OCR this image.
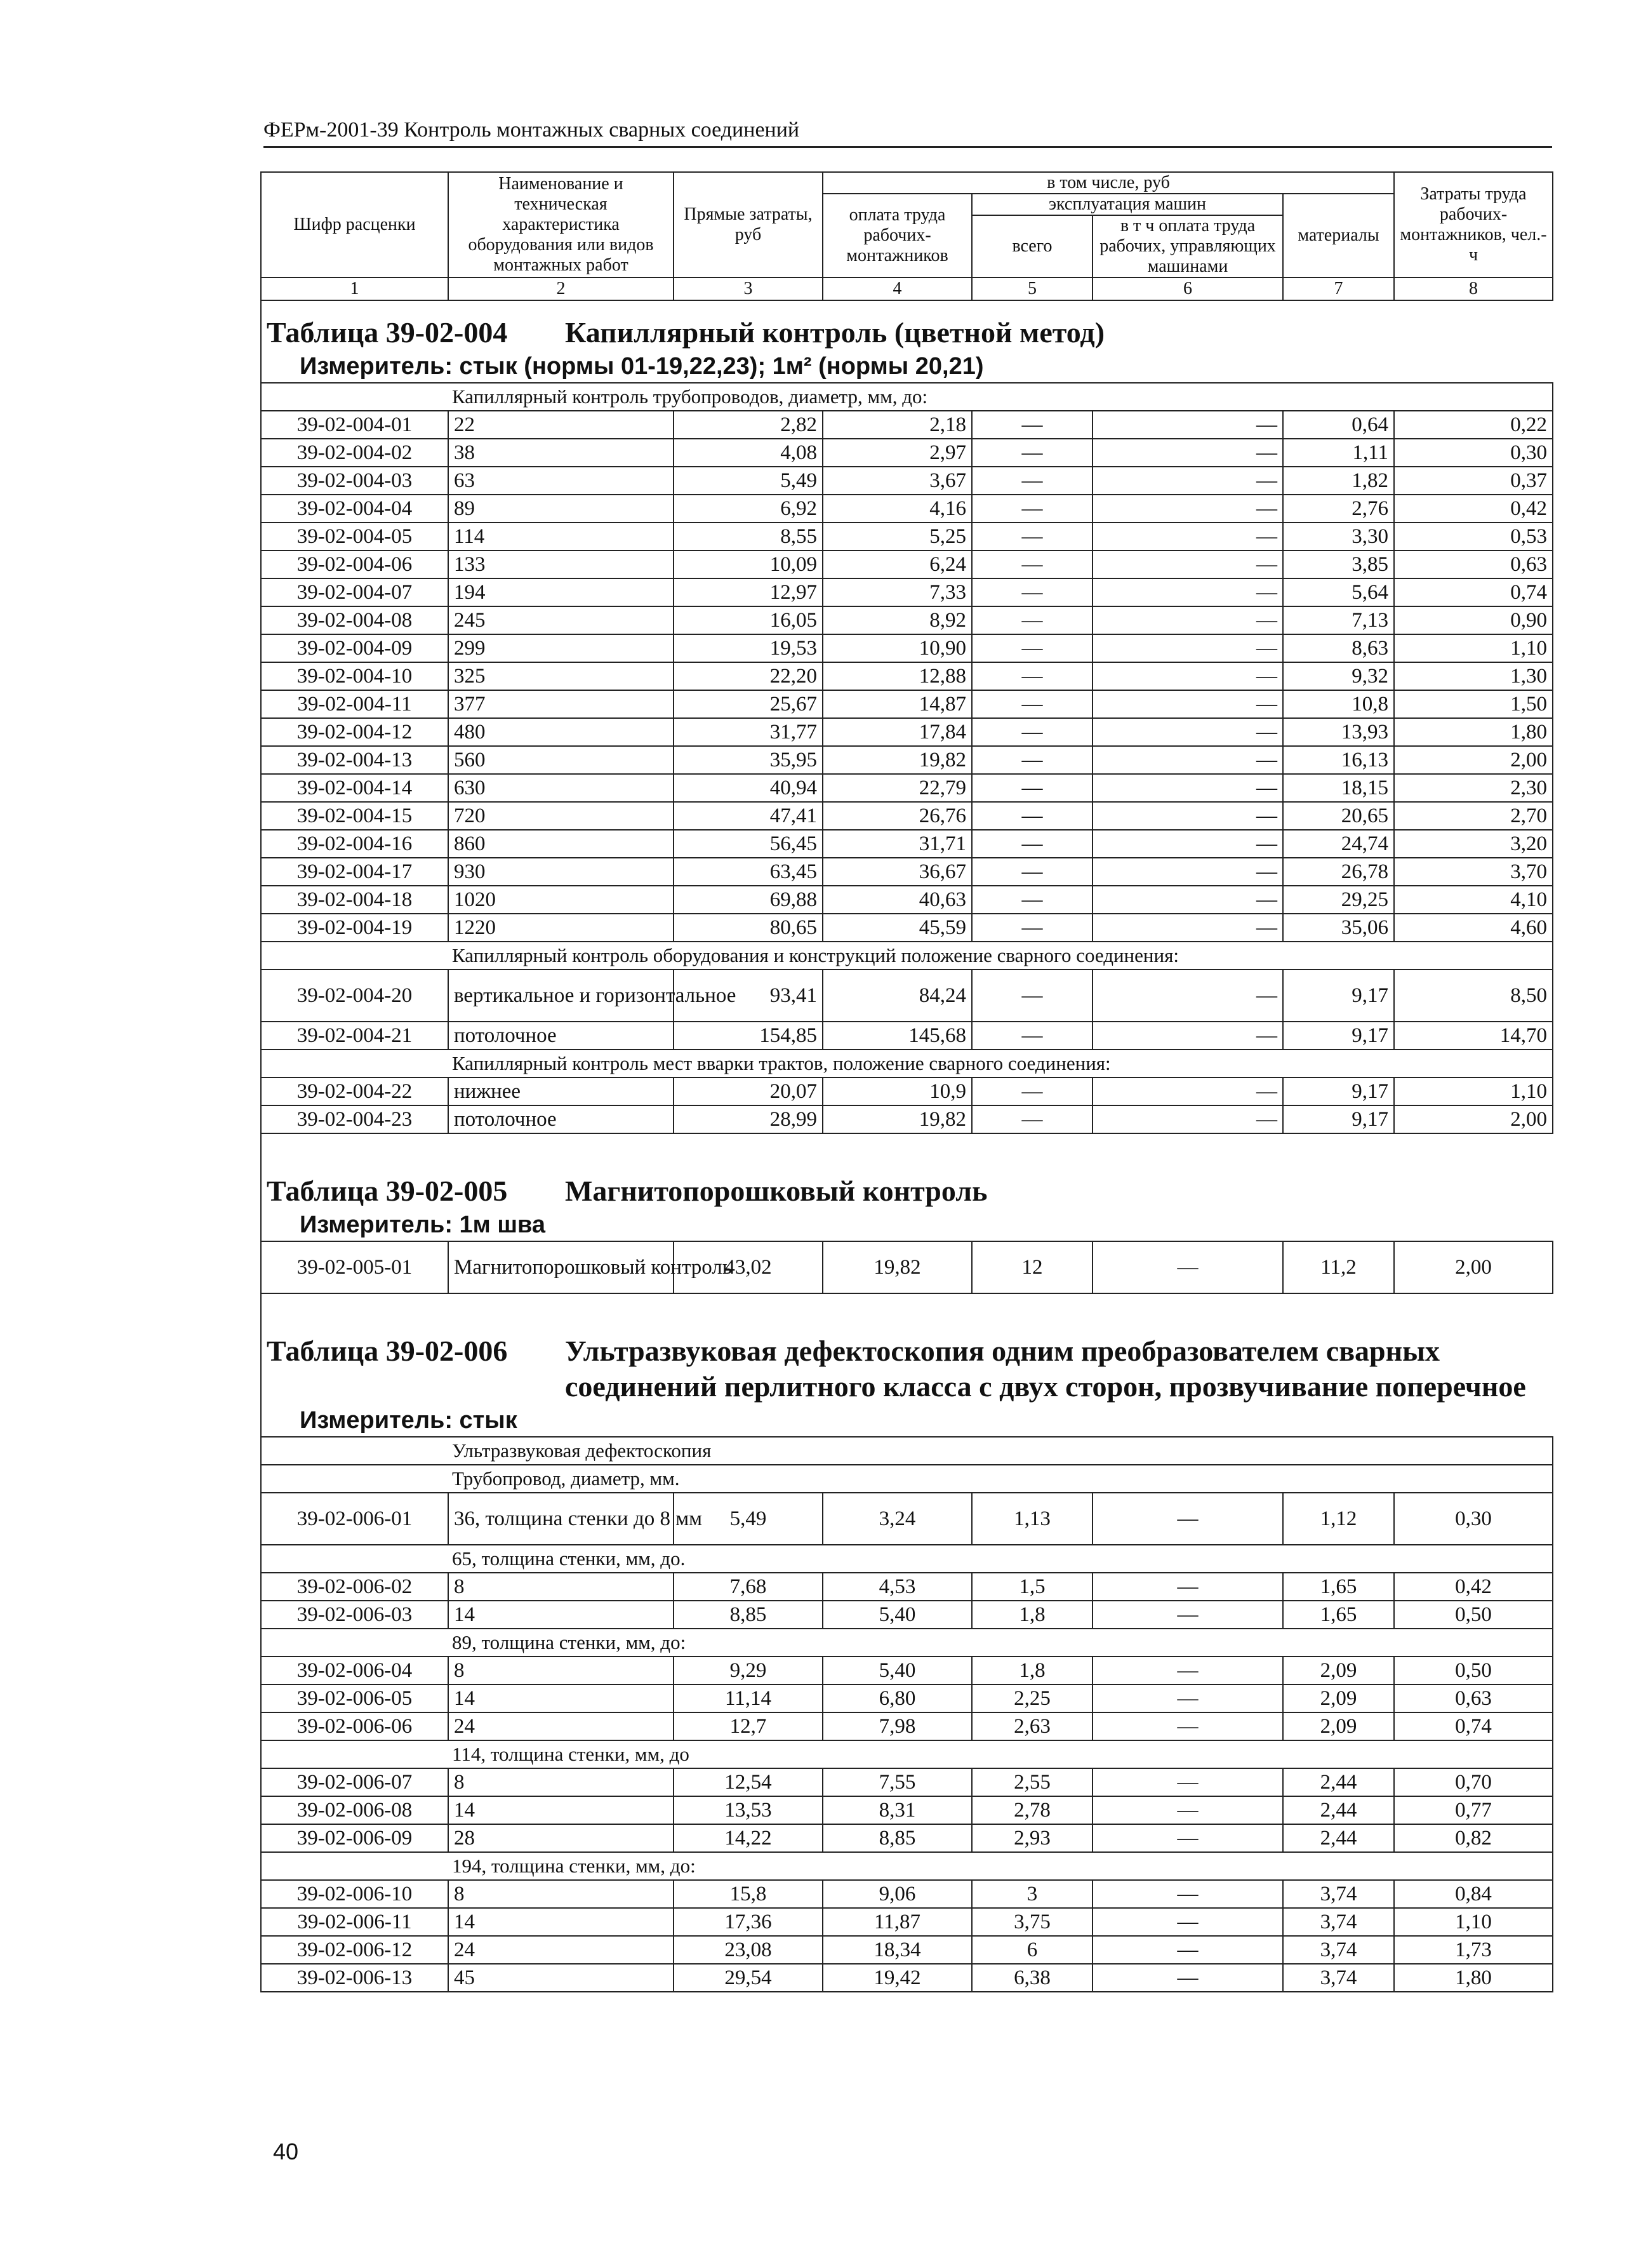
ФЕРм-2001-39 Контроль монтажных сварных соединений
Шифр расценки	Наименование и техническая характеристика оборудования или видов монтажных работ	Прямые затраты, руб	в том числе, руб				Затраты труда рабочих-монтажников, чел.-ч
			оплата труда рабочих-монтажников	эксплуатация машин		материалы	
				всего	в т ч оплата труда рабочих, управляющих машинами		
1	2	3	4	5	6	7	8
Таблица 39-02-004 Капиллярный контроль (цветной метод)							
Измеритель: стык (нормы 01-19,22,23); 1м² (нормы 20,21)							
Капиллярный контроль трубопроводов, диаметр, мм, до:							
39-02-004-01	22	2,82	2,18	—	—	0,64	0,22
39-02-004-02	38	4,08	2,97	—	—	1,11	0,30
39-02-004-03	63	5,49	3,67	—	—	1,82	0,37
39-02-004-04	89	6,92	4,16	—	—	2,76	0,42
39-02-004-05	114	8,55	5,25	—	—	3,30	0,53
39-02-004-06	133	10,09	6,24	—	—	3,85	0,63
39-02-004-07	194	12,97	7,33	—	—	5,64	0,74
39-02-004-08	245	16,05	8,92	—	—	7,13	0,90
39-02-004-09	299	19,53	10,90	—	—	8,63	1,10
39-02-004-10	325	22,20	12,88	—	—	9,32	1,30
39-02-004-11	377	25,67	14,87	—	—	10,8	1,50
39-02-004-12	480	31,77	17,84	—	—	13,93	1,80
39-02-004-13	560	35,95	19,82	—	—	16,13	2,00
39-02-004-14	630	40,94	22,79	—	—	18,15	2,30
39-02-004-15	720	47,41	26,76	—	—	20,65	2,70
39-02-004-16	860	56,45	31,71	—	—	24,74	3,20
39-02-004-17	930	63,45	36,67	—	—	26,78	3,70
39-02-004-18	1020	69,88	40,63	—	—	29,25	4,10
39-02-004-19	1220	80,65	45,59	—	—	35,06	4,60
Капиллярный контроль оборудования и конструкций положение сварного соединения:							
39-02-004-20	вертикальное и горизонтальное	93,41	84,24	—	—	9,17	8,50
39-02-004-21	потолочное	154,85	145,68	—	—	9,17	14,70
Капиллярный контроль мест вварки трактов, положение сварного соединения:							
39-02-004-22	нижнее	20,07	10,9	—	—	9,17	1,10
39-02-004-23	потолочное	28,99	19,82	—	—	9,17	2,00

Таблица 39-02-005 Магнитопорошковый контроль							
Измеритель: 1м шва							
39-02-005-01	Магнитопорошковый контроль	43,02	19,82	12	—	11,2	2,00

Таблица 39-02-006 Ультразвуковая дефектоскопия одним преобразователем сварных соединений перлитного класса с двух сторон, прозвучивание поперечное							
Измеритель: стык							
Ультразвуковая дефектоскопия							
Трубопровод, диаметр, мм.							
39-02-006-01	36, толщина стенки до 8 мм	5,49	3,24	1,13	—	1,12	0,30
65, толщина стенки, мм, до.							
39-02-006-02	8	7,68	4,53	1,5	—	1,65	0,42
39-02-006-03	14	8,85	5,40	1,8	—	1,65	0,50
89, толщина стенки, мм, до:							
39-02-006-04	8	9,29	5,40	1,8	—	2,09	0,50
39-02-006-05	14	11,14	6,80	2,25	—	2,09	0,63
39-02-006-06	24	12,7	7,98	2,63	—	2,09	0,74
114, толщина стенки, мм, до							
39-02-006-07	8	12,54	7,55	2,55	—	2,44	0,70
39-02-006-08	14	13,53	8,31	2,78	—	2,44	0,77
39-02-006-09	28	14,22	8,85	2,93	—	2,44	0,82
194, толщина стенки, мм, до:							
39-02-006-10	8	15,8	9,06	3	—	3,74	0,84
39-02-006-11	14	17,36	11,87	3,75	—	3,74	1,10
39-02-006-12	24	23,08	18,34	6	—	3,74	1,73
39-02-006-13	45	29,54	19,42	6,38	—	3,74	1,80
40
